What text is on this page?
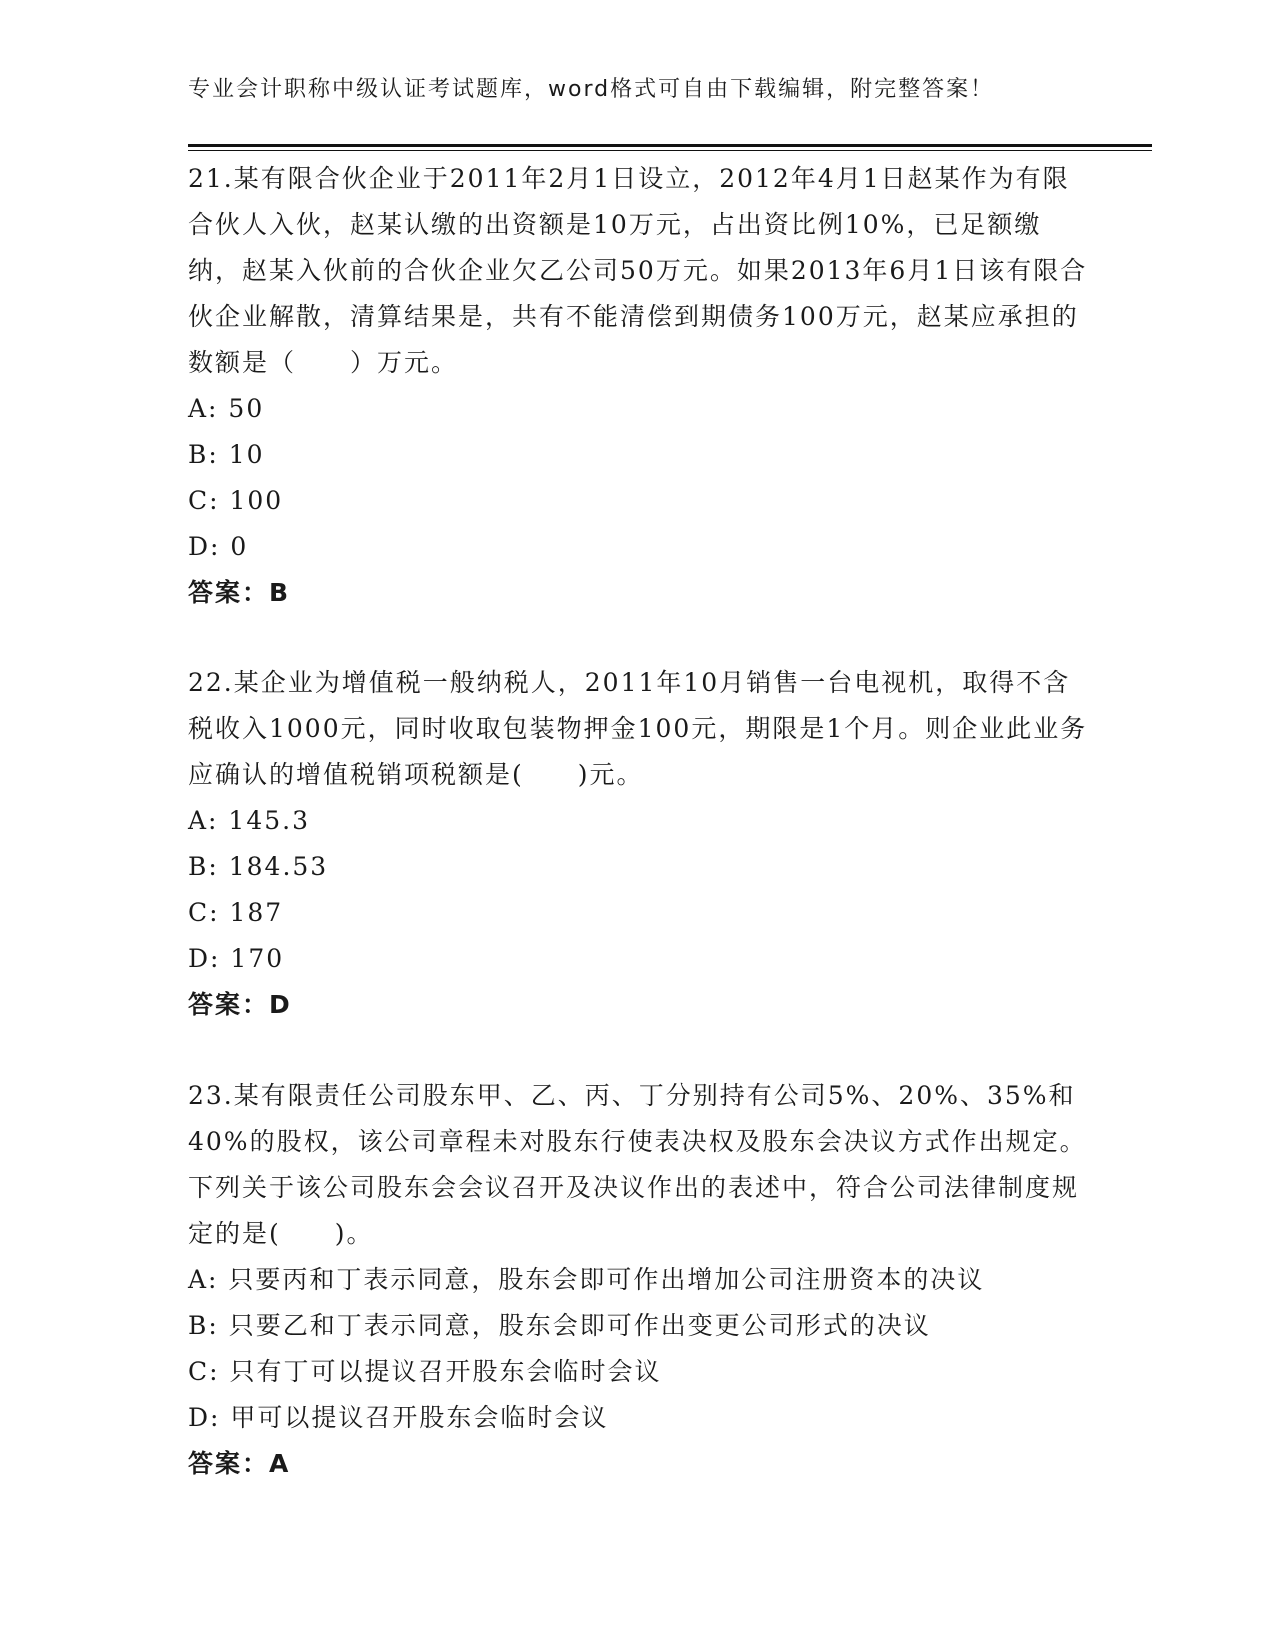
专业会计职称中级认证考试题库，word格式可自由下载编辑，附完整答案！

21.某有限合伙企业于2011年2月1日设立，2012年4月1日赵某作为有限合伙人入伙，赵某认缴的出资额是10万元，占出资比例10%，已足额缴纳，赵某入伙前的合伙企业欠乙公司50万元。如果2013年6月1日该有限合伙企业解散，清算结果是，共有不能清偿到期债务100万元，赵某应承担的数额是（　　）万元。

A: 50

B: 10

C: 100

D: 0

答案：B

22.某企业为增值税一般纳税人，2011年10月销售一台电视机，取得不含税收入1000元，同时收取包装物押金100元，期限是1个月。则企业此业务应确认的增值税销项税额是(　　)元。

A: 145.3

B: 184.53

C: 187

D: 170

答案：D

23.某有限责任公司股东甲、乙、丙、丁分别持有公司5%、20%、35%和40%的股权，该公司章程未对股东行使表决权及股东会决议方式作出规定。下列关于该公司股东会会议召开及决议作出的表述中，符合公司法律制度规定的是(　　)。

A: 只要丙和丁表示同意，股东会即可作出增加公司注册资本的决议

B: 只要乙和丁表示同意，股东会即可作出变更公司形式的决议

C: 只有丁可以提议召开股东会临时会议

D: 甲可以提议召开股东会临时会议

答案：A
